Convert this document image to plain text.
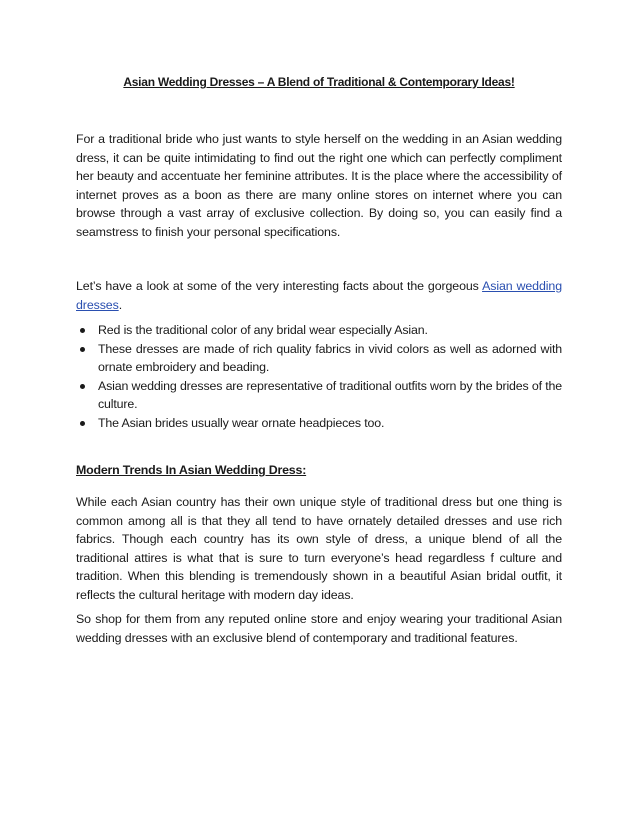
Asian Wedding Dresses – A Blend of Traditional & Contemporary Ideas!

For a traditional bride who just wants to style herself on the wedding in an Asian wedding dress, it can be quite intimidating to find out the right one which can perfectly compliment her beauty and accentuate her feminine attributes. It is the place where the accessibility of internet proves as a boon as there are many online stores on internet where you can browse through a vast array of exclusive collection. By doing so, you can easily find a seamstress to finish your personal specifications.

Let’s have a look at some of the very interesting facts about the gorgeous Asian wedding dresses.

Red is the traditional color of any bridal wear especially Asian.
These dresses are made of rich quality fabrics in vivid colors as well as adorned with ornate embroidery and beading.
Asian wedding dresses are representative of traditional outfits worn by the brides of the culture.
The Asian brides usually wear ornate headpieces too.
Modern Trends In Asian Wedding Dress:

While each Asian country has their own unique style of traditional dress but one thing is common among all is that they all tend to have ornately detailed dresses and use rich fabrics. Though each country has its own style of dress, a unique blend of all the traditional attires is what that is sure to turn everyone’s head regardless f culture and tradition. When this blending is tremendously shown in a beautiful Asian bridal outfit, it reflects the cultural heritage with modern day ideas.

So shop for them from any reputed online store and enjoy wearing your traditional Asian wedding dresses with an exclusive blend of contemporary and traditional features.
